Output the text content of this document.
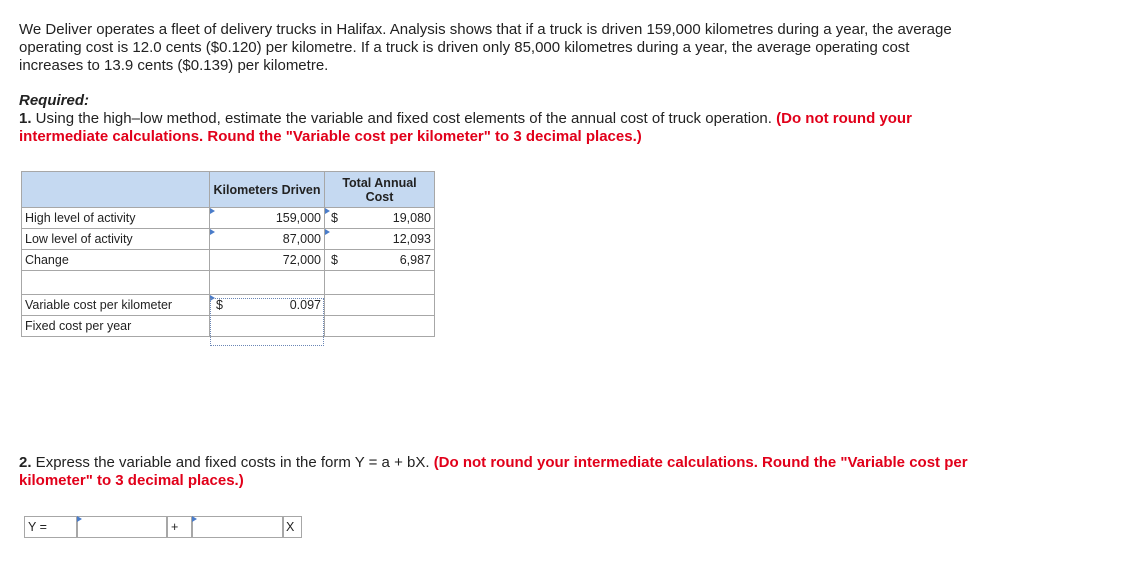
We Deliver operates a fleet of delivery trucks in Halifax. Analysis shows that if a truck is driven 159,000 kilometres during a year, the average operating cost is 12.0 cents ($0.120) per kilometre. If a truck is driven only 85,000 kilometres during a year, the average operating cost increases to 13.9 cents ($0.139) per kilometre.

Required:
1. Using the high–low method, estimate the variable and fixed cost elements of the annual cost of truck operation. (Do not round your intermediate calculations. Round the "Variable cost per kilometer" to 3 decimal places.)

	Kilometers Driven	Total Annual Cost
High level of activity	159,000	$ 19,080
Low level of activity	87,000	12,093
Change	72,000	$ 6,987

Variable cost per kilometer	$ 0.097	
Fixed cost per year		

2. Express the variable and fixed costs in the form Y = a + bX. (Do not round your intermediate calculations. Round the "Variable cost per kilometer" to 3 decimal places.)

Y =	+	X
